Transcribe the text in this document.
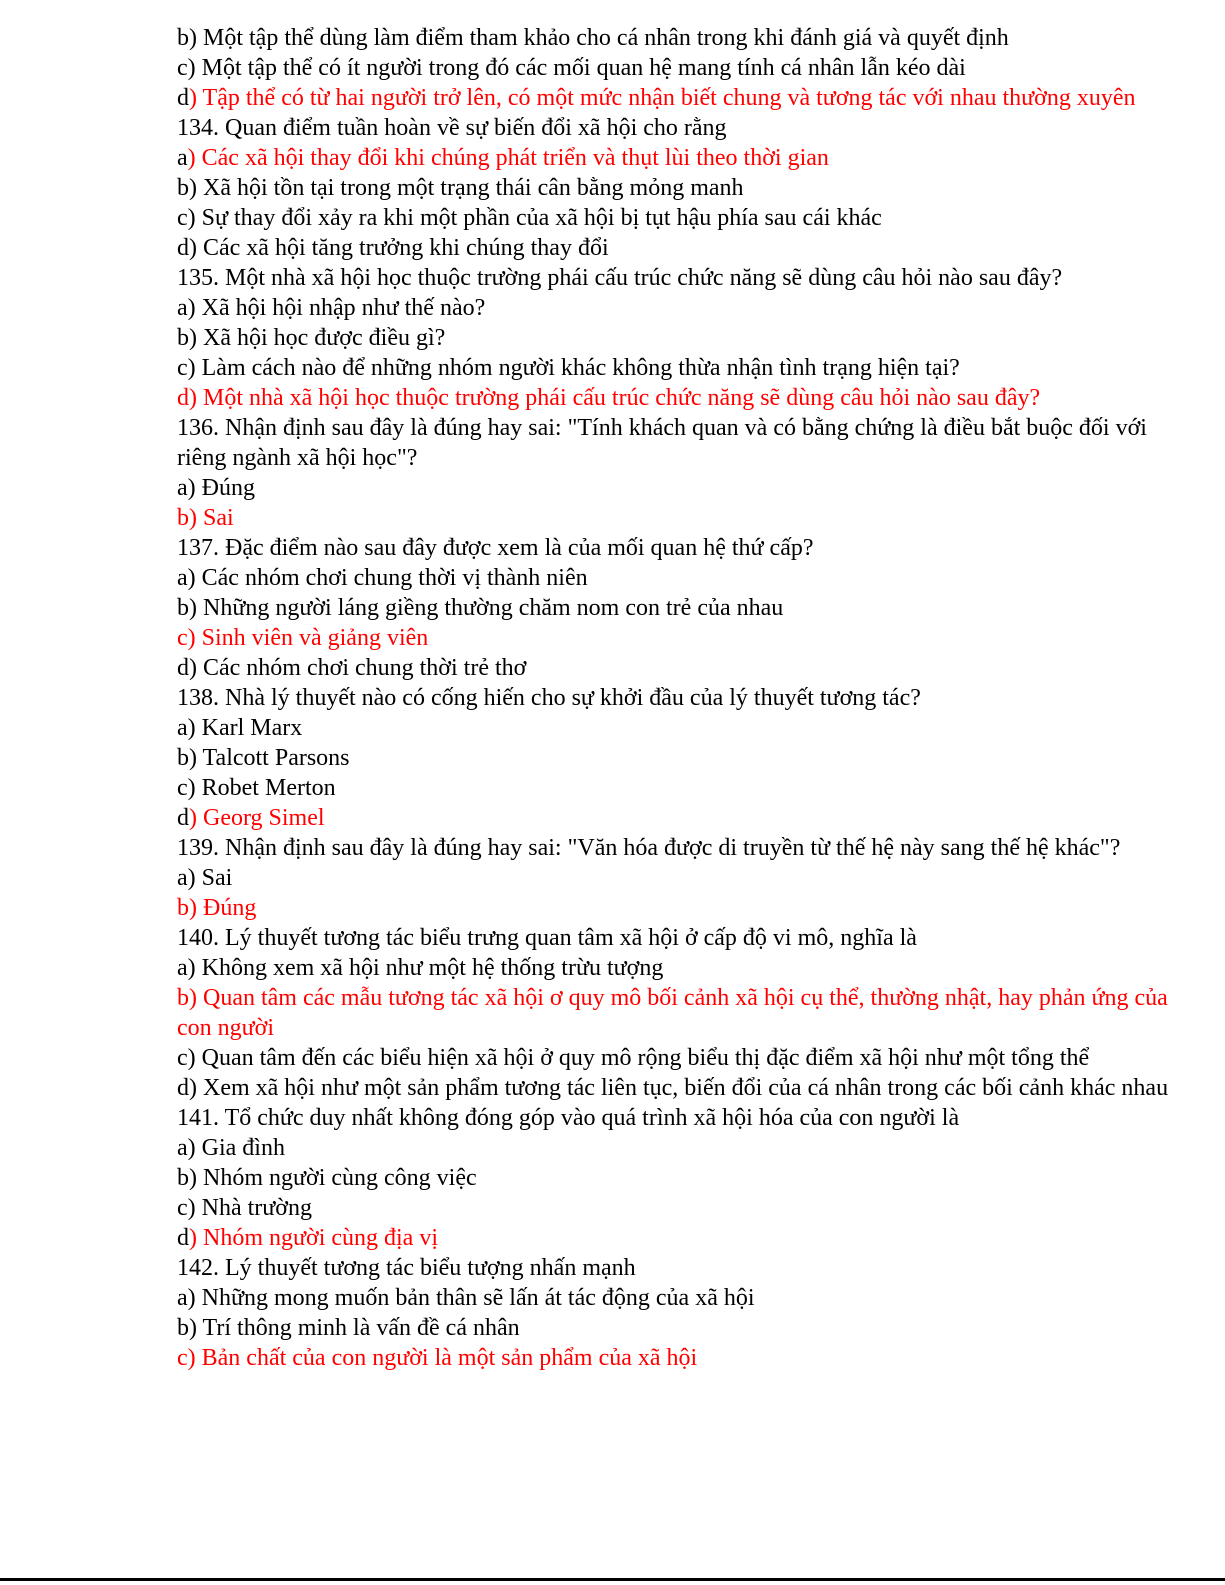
b) Một tập thể dùng làm điểm tham khảo cho cá nhân trong khi đánh giá và quyết định

c) Một tập thể có ít người trong đó các mối quan hệ mang tính cá nhân lẫn kéo dài

d) Tập thể có từ hai người trở lên, có một mức nhận biết chung và tương tác với nhau thường xuyên

134. Quan điểm tuần hoàn về sự biến đổi xã hội cho rằng

a) Các xã hội thay đổi khi chúng phát triển và thụt lùi theo thời gian

b) Xã hội tồn tại trong một trạng thái cân bằng mỏng manh

c) Sự thay đổi xảy ra khi một phần của xã hội bị tụt hậu phía sau cái khác

d) Các xã hội tăng trưởng khi chúng thay đổi

135. Một nhà xã hội học thuộc trường phái cấu trúc chức năng sẽ dùng câu hỏi nào sau đây?

a) Xã hội hội nhập như thế nào?

b) Xã hội học được điều gì?

c) Làm cách nào để những nhóm người khác không thừa nhận tình trạng hiện tại?

d) Một nhà xã hội học thuộc trường phái cấu trúc chức năng sẽ dùng câu hỏi nào sau đây?

136. Nhận định sau đây là đúng hay sai: "Tính khách quan và có bằng chứng là điều bắt buộc đối với riêng ngành xã hội học"?

a) Đúng

b) Sai

137. Đặc điểm nào sau đây được xem là của mối quan hệ thứ cấp?

a) Các nhóm chơi chung thời vị thành niên

b) Những người láng giềng thường chăm nom con trẻ của nhau

c) Sinh viên và giảng viên

d) Các nhóm chơi chung thời trẻ thơ

138. Nhà lý thuyết nào có cống hiến cho sự khởi đầu của lý thuyết tương tác?

a) Karl Marx

b) Talcott Parsons

c) Robet Merton

d) Georg Simel

139. Nhận định sau đây là đúng hay sai: "Văn hóa được di truyền từ thế hệ này sang thế hệ khác"?

a) Sai

b) Đúng

140. Lý thuyết tương tác biểu trưng quan tâm xã hội ở cấp độ vi mô, nghĩa là

a) Không xem xã hội như một hệ thống trừu tượng

b) Quan tâm các mẫu tương tác xã hội ơ quy mô bối cảnh xã hội cụ thể, thường nhật, hay phản ứng của con người

c) Quan tâm đến các biểu hiện xã hội ở quy mô rộng biểu thị đặc điểm xã hội như một tổng thể

d) Xem xã hội như một sản phẩm tương tác liên tục, biến đổi của cá nhân trong các bối cảnh khác nhau

141. Tổ chức duy nhất không đóng góp vào quá trình xã hội hóa của con người là

a) Gia đình

b) Nhóm người cùng công việc

c) Nhà trường

d) Nhóm người cùng địa vị

142. Lý thuyết tương tác biểu tượng nhấn mạnh

a) Những mong muốn bản thân sẽ lấn át tác động của xã hội

b) Trí thông minh là vấn đề cá nhân

c) Bản chất của con người là một sản phẩm của xã hội
